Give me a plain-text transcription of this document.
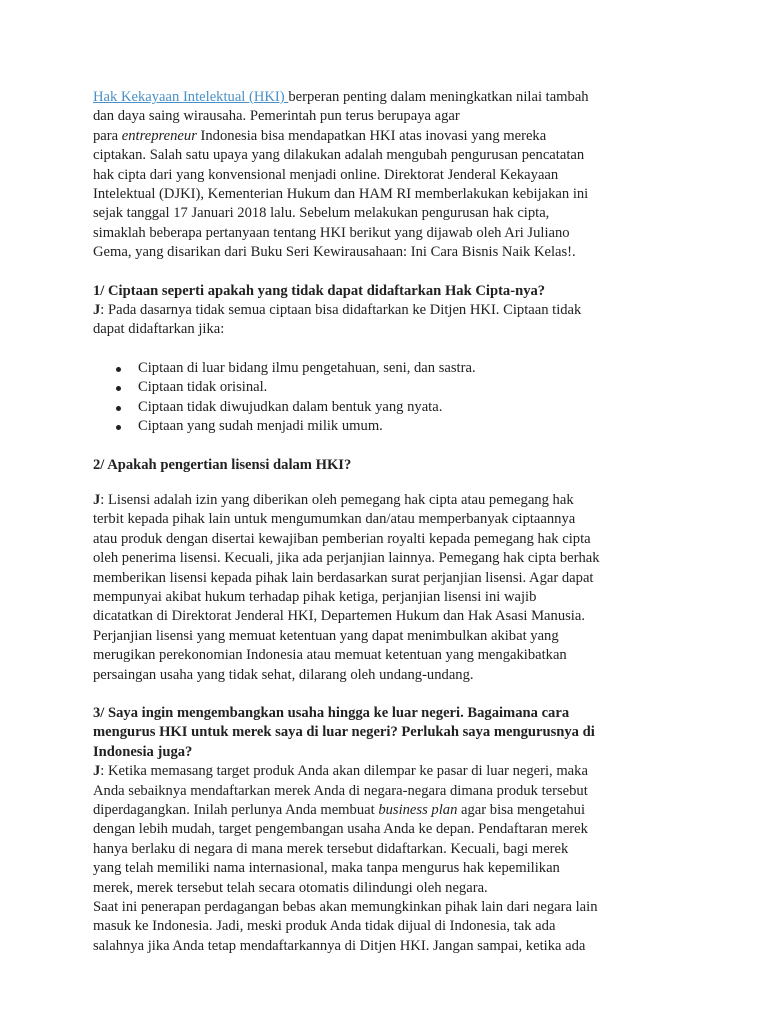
Hak Kekayaan Intelektual (HKI) berperan penting dalam meningkatkan nilai tambah
dan daya saing wirausaha. Pemerintah pun terus berupaya agar
para entrepreneur Indonesia bisa mendapatkan HKI atas inovasi yang mereka
ciptakan. Salah satu upaya yang dilakukan adalah mengubah pengurusan pencatatan
hak cipta dari yang konvensional menjadi online. Direktorat Jenderal Kekayaan
Intelektual (DJKI), Kementerian Hukum dan HAM RI memberlakukan kebijakan ini
sejak tanggal 17 Januari 2018 lalu. Sebelum melakukan pengurusan hak cipta,
simaklah beberapa pertanyaan tentang HKI berikut yang dijawab oleh Ari Juliano
Gema, yang disarikan dari Buku Seri Kewirausahaan: Ini Cara Bisnis Naik Kelas!.
1/ Ciptaan seperti apakah yang tidak dapat didaftarkan Hak Cipta-nya?
J: Pada dasarnya tidak semua ciptaan bisa didaftarkan ke Ditjen HKI. Ciptaan tidak
dapat didaftarkan jika:
Ciptaan di luar bidang ilmu pengetahuan, seni, dan sastra.
Ciptaan tidak orisinal.
Ciptaan tidak diwujudkan dalam bentuk yang nyata.
Ciptaan yang sudah menjadi milik umum.
2/ Apakah pengertian lisensi dalam HKI?
J: Lisensi adalah izin yang diberikan oleh pemegang hak cipta atau pemegang hak
terbit kepada pihak lain untuk mengumumkan dan/atau memperbanyak ciptaannya
atau produk dengan disertai kewajiban pemberian royalti kepada pemegang hak cipta
oleh penerima lisensi. Kecuali, jika ada perjanjian lainnya. Pemegang hak cipta berhak
memberikan lisensi kepada pihak lain berdasarkan surat perjanjian lisensi. Agar dapat
mempunyai akibat hukum terhadap pihak ketiga, perjanjian lisensi ini wajib
dicatatkan di Direktorat Jenderal HKI, Departemen Hukum dan Hak Asasi Manusia.
Perjanjian lisensi yang memuat ketentuan yang dapat menimbulkan akibat yang
merugikan perekonomian Indonesia atau memuat ketentuan yang mengakibatkan
persaingan usaha yang tidak sehat, dilarang oleh undang-undang.
3/ Saya ingin mengembangkan usaha hingga ke luar negeri. Bagaimana cara
mengurus HKI untuk merek saya di luar negeri? Perlukah saya mengurusnya di
Indonesia juga?
J: Ketika memasang target produk Anda akan dilempar ke pasar di luar negeri, maka
Anda sebaiknya mendaftarkan merek Anda di negara-negara dimana produk tersebut
diperdagangkan. Inilah perlunya Anda membuat business plan agar bisa mengetahui
dengan lebih mudah, target pengembangan usaha Anda ke depan. Pendaftaran merek
hanya berlaku di negara di mana merek tersebut didaftarkan. Kecuali, bagi merek
yang telah memiliki nama internasional, maka tanpa mengurus hak kepemilikan
merek, merek tersebut telah secara otomatis dilindungi oleh negara.
Saat ini penerapan perdagangan bebas akan memungkinkan pihak lain dari negara lain
masuk ke Indonesia. Jadi, meski produk Anda tidak dijual di Indonesia, tak ada
salahnya jika Anda tetap mendaftarkannya di Ditjen HKI. Jangan sampai, ketika ada
